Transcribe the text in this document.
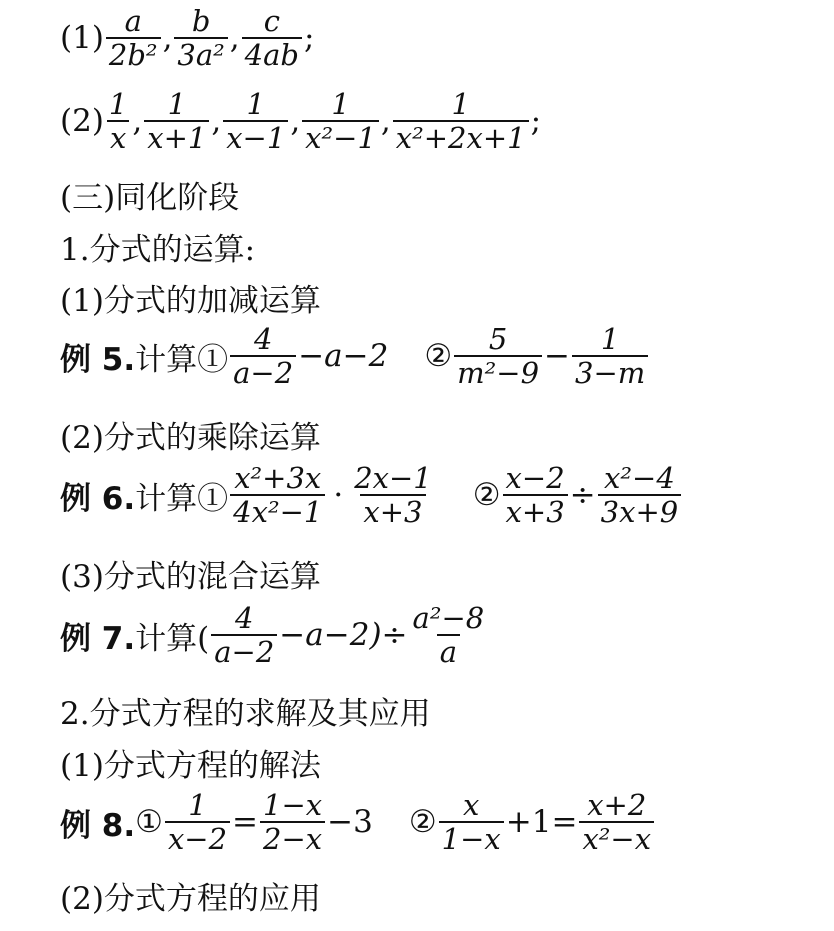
$(1) \frac{a}{\text{2b²}}$ , $\frac{b}{\text{3a²}}$ , $\frac{c}{4ab}$ ;
$(2) \frac{1}{x}$ , $\frac{1}{x+1}$ , $\frac{1}{x-1}$ , $\frac{1}{\text{x²−1}}$ , $\frac{1}{\text{x²+2x+1}}$ ;
(三)同化阶段
1.分式的运算:
(1)分式的加减运算
例 5. 计算① $\frac{4}{a-2} -a-2$ ② $\frac{5}{\text{m²−9}} - \frac{1}{3-m}$
(2)分式的乘除运算
例 6. 计算① $\frac{\text{x²+3x}}{\text{4x²−1}} \cdot \frac{2x-1}{x+3}$ ② $\frac{x-2}{x+3} \div \frac{\text{x²−4}}{3x+9}$
(3)分式的混合运算
例 7. 计算( $\frac{4}{a-2} -a-2)\div \frac{\text{a²−8}}{a}$
2.分式方程的求解及其应用
(1)分式方程的解法
例 8. ① $\frac{1}{x-2} = \frac{1-x}{2-x} -3$ ② $\frac{x}{1-x} +1= \frac{x+2}{\text{x²−x}}$
(2)分式方程的应用
